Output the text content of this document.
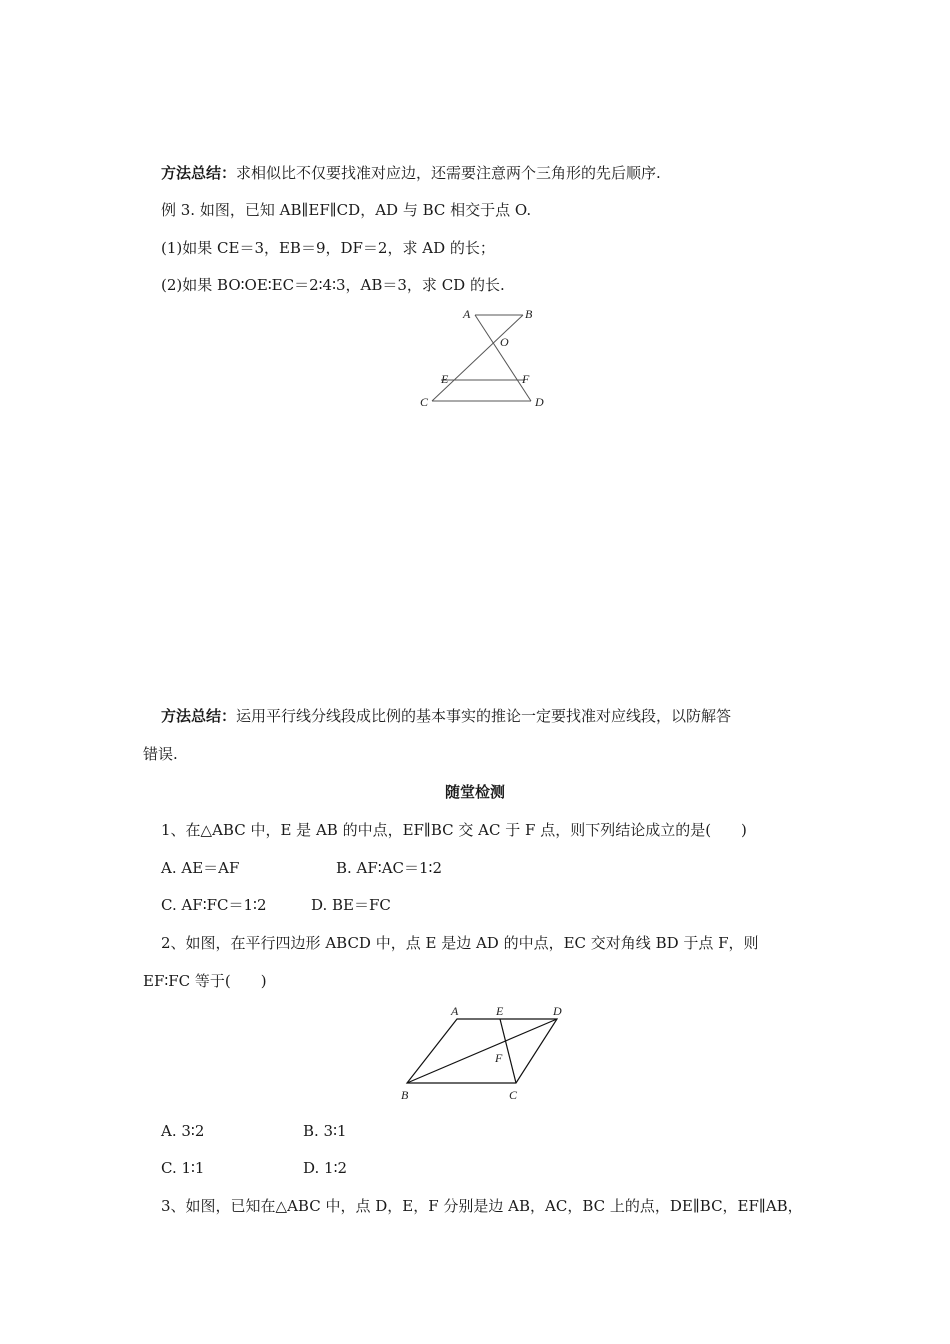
方法总结：求相似比不仅要找准对应边，还需要注意两个三角形的先后顺序.
例 3. 如图，已知 AB∥EF∥CD，AD 与 BC 相交于点 O.
(1)如果 CE＝3，EB＝9，DF＝2，求 AD 的长；
(2)如果 BO∶OE∶EC＝2∶4∶3，AB＝3，求 CD 的长.
A	B
O
E	F
C	D
方法总结：运用平行线分线段成比例的基本事实的推论一定要找准对应线段，以防解答
错误.
随堂检测
1、在△ABC 中，E 是 AB 的中点，EF∥BC 交 AC 于 F 点，则下列结论成立的是(　　)
A. AE＝AF	B. AF∶AC＝1∶2
C. AF∶FC＝1∶2	D. BE＝FC
2、如图，在平行四边形 ABCD 中，点 E 是边 AD 的中点，EC 交对角线 BD 于点 F，则
EF∶FC 等于(　　)
A	E	D
F
B	C
A. 3∶2	B. 3∶1
C. 1∶1	D. 1∶2
3、如图，已知在△ABC 中，点 D，E，F 分别是边 AB，AC，BC 上的点，DE∥BC，EF∥AB，
